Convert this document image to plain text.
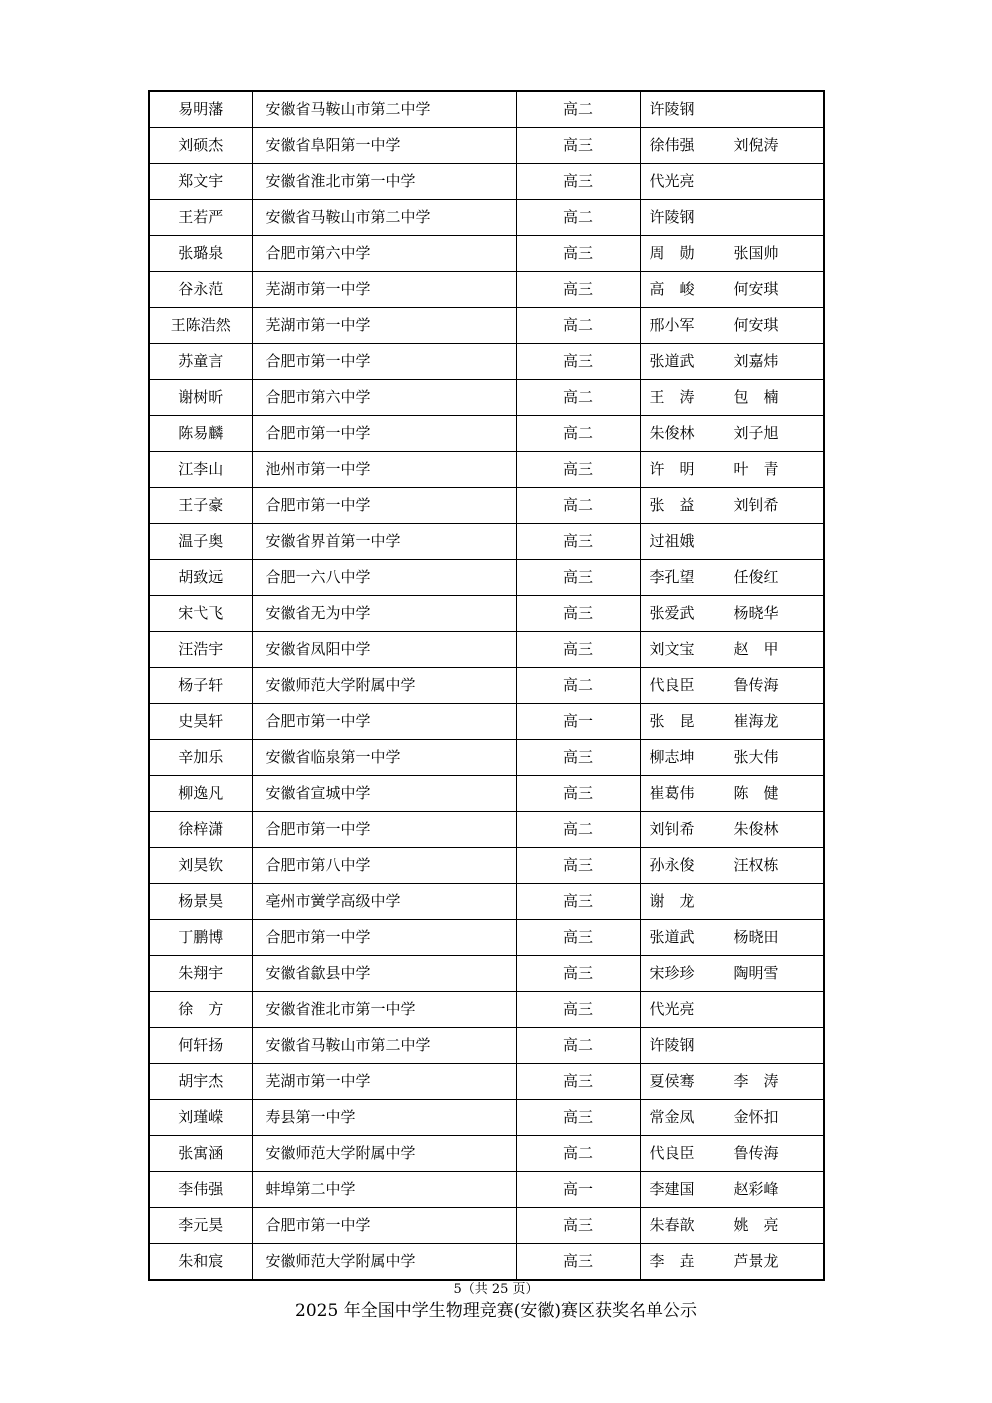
易明藩	安徽省马鞍山市第二中学	高二	许陵钢
刘硕杰	安徽省阜阳第一中学	高三	徐伟强 刘倪涛
郑文宇	安徽省淮北市第一中学	高三	代光亮
王若严	安徽省马鞍山市第二中学	高二	许陵钢
张璐泉	合肥市第六中学	高三	周　勋 张国帅
谷永范	芜湖市第一中学	高三	高　峻 何安琪
王陈浩然	芜湖市第一中学	高二	邢小军 何安琪
苏童言	合肥市第一中学	高三	张道武 刘嘉炜
谢树昕	合肥市第六中学	高二	王　涛 包　楠
陈易麟	合肥市第一中学	高二	朱俊林 刘子旭
江李山	池州市第一中学	高三	许　明 叶　青
王子豪	合肥市第一中学	高二	张　益 刘钊希
温子奥	安徽省界首第一中学	高三	过祖娥
胡致远	合肥一六八中学	高三	李孔望 任俊红
宋弋飞	安徽省无为中学	高三	张爱武 杨晓华
汪浩宇	安徽省凤阳中学	高三	刘文宝 赵　甲
杨子轩	安徽师范大学附属中学	高二	代良臣 鲁传海
史昊轩	合肥市第一中学	高一	张　昆 崔海龙
辛加乐	安徽省临泉第一中学	高三	柳志坤 张大伟
柳逸凡	安徽省宣城中学	高三	崔葛伟 陈　健
徐梓潇	合肥市第一中学	高二	刘钊希 朱俊林
刘昊钦	合肥市第八中学	高三	孙永俊 汪权栋
杨景昊	亳州市黉学高级中学	高三	谢　龙
丁鹏博	合肥市第一中学	高三	张道武 杨晓田
朱翔宇	安徽省歙县中学	高三	宋珍珍 陶明雪
徐　方	安徽省淮北市第一中学	高三	代光亮
何轩扬	安徽省马鞍山市第二中学	高二	许陵钢
胡宇杰	芜湖市第一中学	高三	夏侯骞 李　涛
刘瑾嵘	寿县第一中学	高三	常金凤 金怀扣
张寓涵	安徽师范大学附属中学	高二	代良臣 鲁传海
李伟强	蚌埠第二中学	高一	李建国 赵彩峰
李元昊	合肥市第一中学	高三	朱春歆 姚　亮
朱和宸	安徽师范大学附属中学	高三	李　垚 芦景龙
5（共 25 页）
2025 年全国中学生物理竞赛(安徽)赛区获奖名单公示
